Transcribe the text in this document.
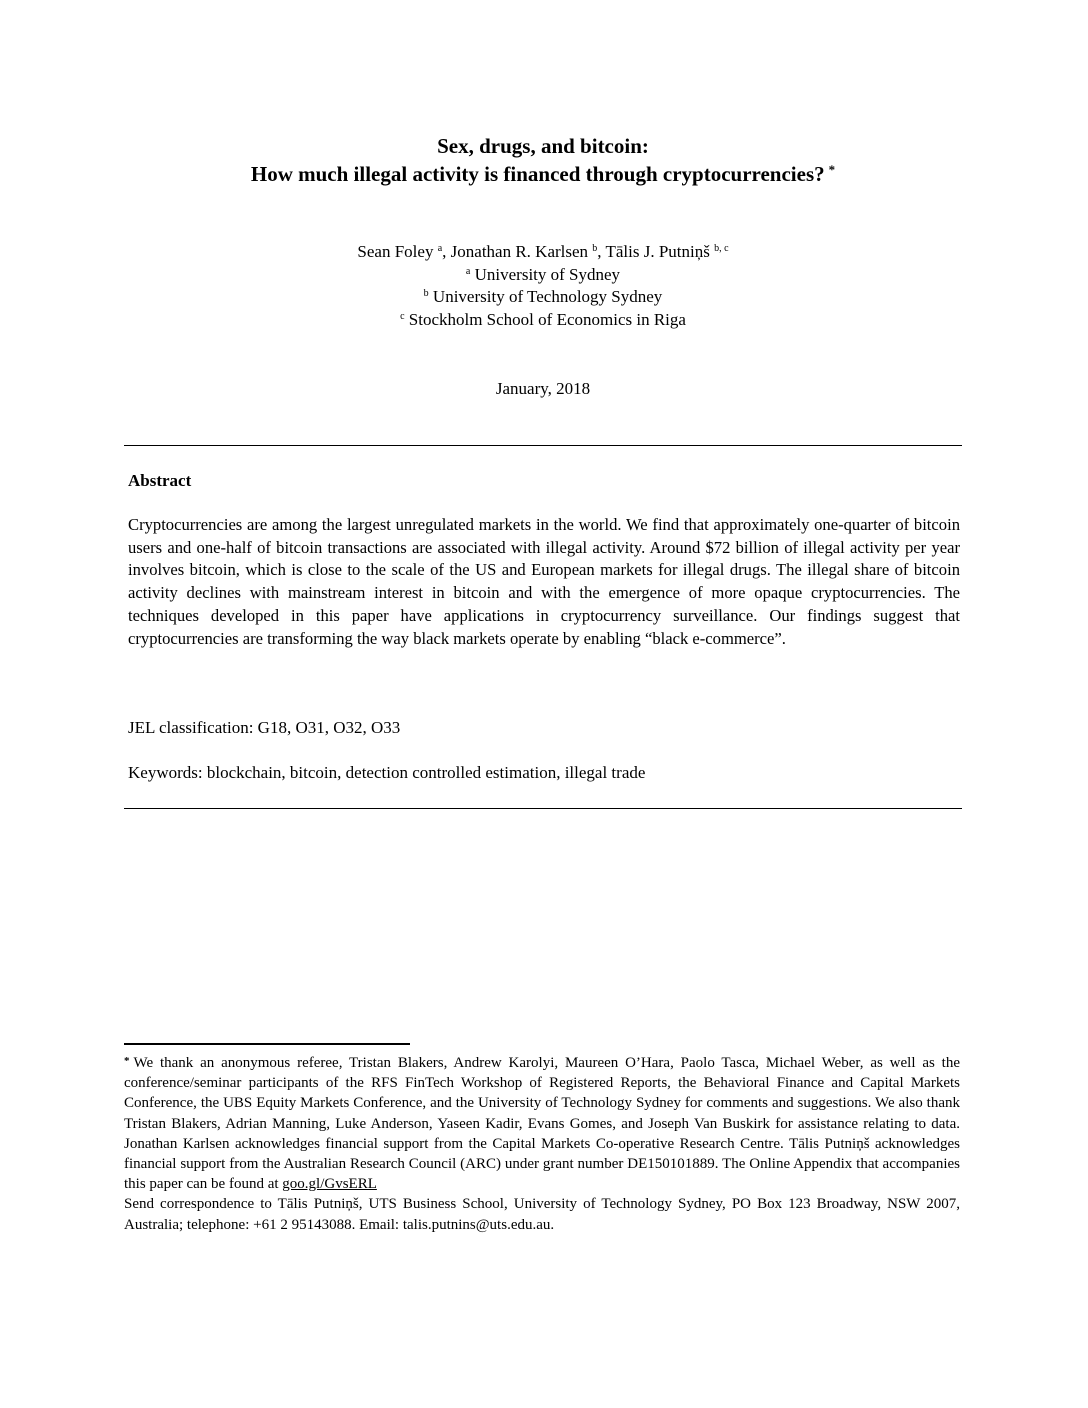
Sex, drugs, and bitcoin:
How much illegal activity is financed through cryptocurrencies? *
Sean Foley $^a$, Jonathan R. Karlsen $^b$, Tālis J. Putniņš $^{b, c}$
$^a$ University of Sydney
$^b$ University of Technology Sydney
$^c$ Stockholm School of Economics in Riga
January, 2018
Abstract
Cryptocurrencies are among the largest unregulated markets in the world. We find that approximately one-quarter of bitcoin users and one-half of bitcoin transactions are associated with illegal activity. Around $72 billion of illegal activity per year involves bitcoin, which is close to the scale of the US and European markets for illegal drugs. The illegal share of bitcoin activity declines with mainstream interest in bitcoin and with the emergence of more opaque cryptocurrencies. The techniques developed in this paper have applications in cryptocurrency surveillance. Our findings suggest that cryptocurrencies are transforming the way black markets operate by enabling “black e-commerce”.
JEL classification: G18, O31, O32, O33
Keywords: blockchain, bitcoin, detection controlled estimation, illegal trade

* We thank an anonymous referee, Tristan Blakers, Andrew Karolyi, Maureen O’Hara, Paolo Tasca, Michael Weber, as well as the conference/seminar participants of the RFS FinTech Workshop of Registered Reports, the Behavioral Finance and Capital Markets Conference, the UBS Equity Markets Conference, and the University of Technology Sydney for comments and suggestions. We also thank Tristan Blakers, Adrian Manning, Luke Anderson, Yaseen Kadir, Evans Gomes, and Joseph Van Buskirk for assistance relating to data. Jonathan Karlsen acknowledges financial support from the Capital Markets Co-operative Research Centre. Tālis Putniņš acknowledges financial support from the Australian Research Council (ARC) under grant number DE150101889. The Online Appendix that accompanies this paper can be found at goo.gl/GvsERL

Send correspondence to Tālis Putniņš, UTS Business School, University of Technology Sydney, PO Box 123 Broadway, NSW 2007, Australia; telephone: +61 2 95143088. Email: talis.putnins@uts.edu.au.
